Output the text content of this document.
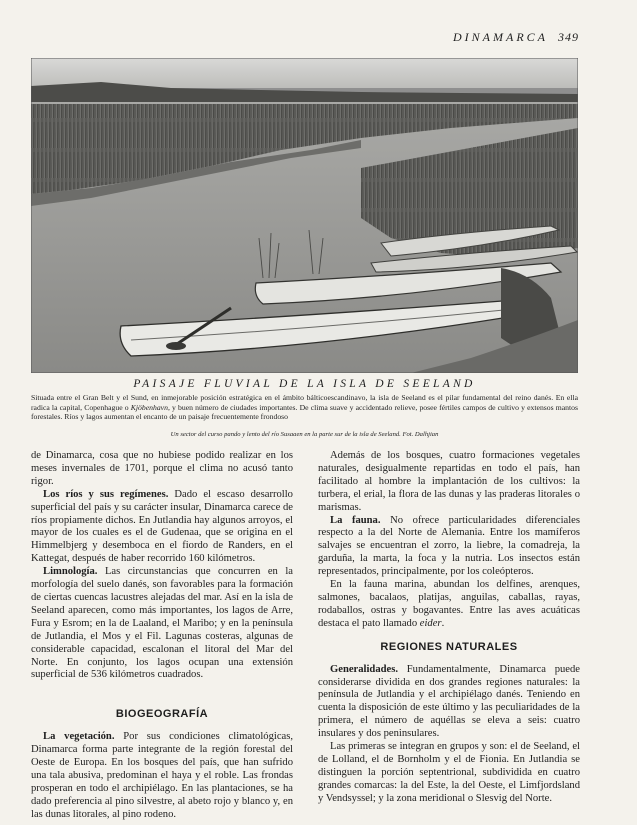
DINAMARCA 349
PAISAJE FLUVIAL DE LA ISLA DE SEELAND
Situada entre el Gran Belt y el Sund, en inmejorable posición estratégica en el ámbito bálticoescandinavo, la isla de Seeland es el pilar fundamental del reino danés. En ella radica la capital, Copenhague o Kjöbenhavn, y buen número de ciudades importantes. De clima suave y accidentado relieve, posee fértiles campos de cultivo y extensos mantos forestales. Ríos y lagos aumentan el encanto de un paisaje frecuentemente frondoso
Un sector del curso pando y lento del río Susaaen en la parte sur de la isla de Seeland. Fot. Dalhjian

de Dinamarca, cosa que no hubiese podido realizar en los meses invernales de 1701, porque el clima no acusó tanto rigor.

Los ríos y sus regímenes. Dado el escaso desarrollo superficial del país y su carácter insular, Dinamarca carece de ríos propiamente dichos. En Jutlandia hay algunos arroyos, el mayor de los cuales es el de Gudenaa, que se origina en el Himmelbjerg y desemboca en el fiordo de Randers, en el Kattegat, después de haber recorrido 160 kilómetros.

Limnología. Las circunstancias que concurren en la morfología del suelo danés, son favorables para la formación de ciertas cuencas lacustres alejadas del mar. Así en la isla de Seeland aparecen, como más importantes, los lagos de Arre, Fura y Esrom; en la de Laaland, el Maribo; y en la península de Jutlandia, el Mos y el Fil. Lagunas costeras, algunas de considerable capacidad, escalonan el litoral del Mar del Norte. En conjunto, los lagos ocupan una extensión superficial de 536 kilómetros cuadrados.

BIOGEOGRAFÍA

La vegetación. Por sus condiciones climatológicas, Dinamarca forma parte integrante de la región forestal del Oeste de Europa. En los bosques del país, que han sufrido una tala abusiva, predominan el haya y el roble. Las frondas prosperan en todo el archipiélago. En las plantaciones, se ha dado preferencia al pino silvestre, al abeto rojo y blanco y, en las dunas litorales, al pino rodeno.

Además de los bosques, cuatro formaciones vegetales naturales, desigualmente repartidas en todo el país, han facilitado al hombre la implantación de los cultivos: la turbera, el erial, la flora de las dunas y las praderas litorales o marismas.

La fauna. No ofrece particularidades diferenciales respecto a la del Norte de Alemania. Entre los mamíferos salvajes se encuentran el zorro, la liebre, la comadreja, la garduña, la marta, la foca y la nutria. Los insectos están representados, principalmente, por los coleópteros.

En la fauna marina, abundan los delfines, arenques, salmones, bacalaos, platijas, anguilas, caballas, rayas, rodaballos, ostras y bogavantes. Entre las aves acuáticas destaca el pato llamado eider.

REGIONES NATURALES

Generalidades. Fundamentalmente, Dinamarca puede considerarse dividida en dos grandes regiones naturales: la península de Jutlandia y el archipiélago danés. Teniendo en cuenta la disposición de este último y las peculiaridades de la primera, el número de aquéllas se eleva a seis: cuatro insulares y dos peninsulares.

Las primeras se integran en grupos y son: el de Seeland, el de Lolland, el de Bornholm y el de Fionia. En Jutlandia se distinguen la porción septentrional, subdividida en cuatro grandes comarcas: la del Este, la del Oeste, el Limfjordsland y Vendsyssel; y la zona meridional o Slesvig del Norte.
